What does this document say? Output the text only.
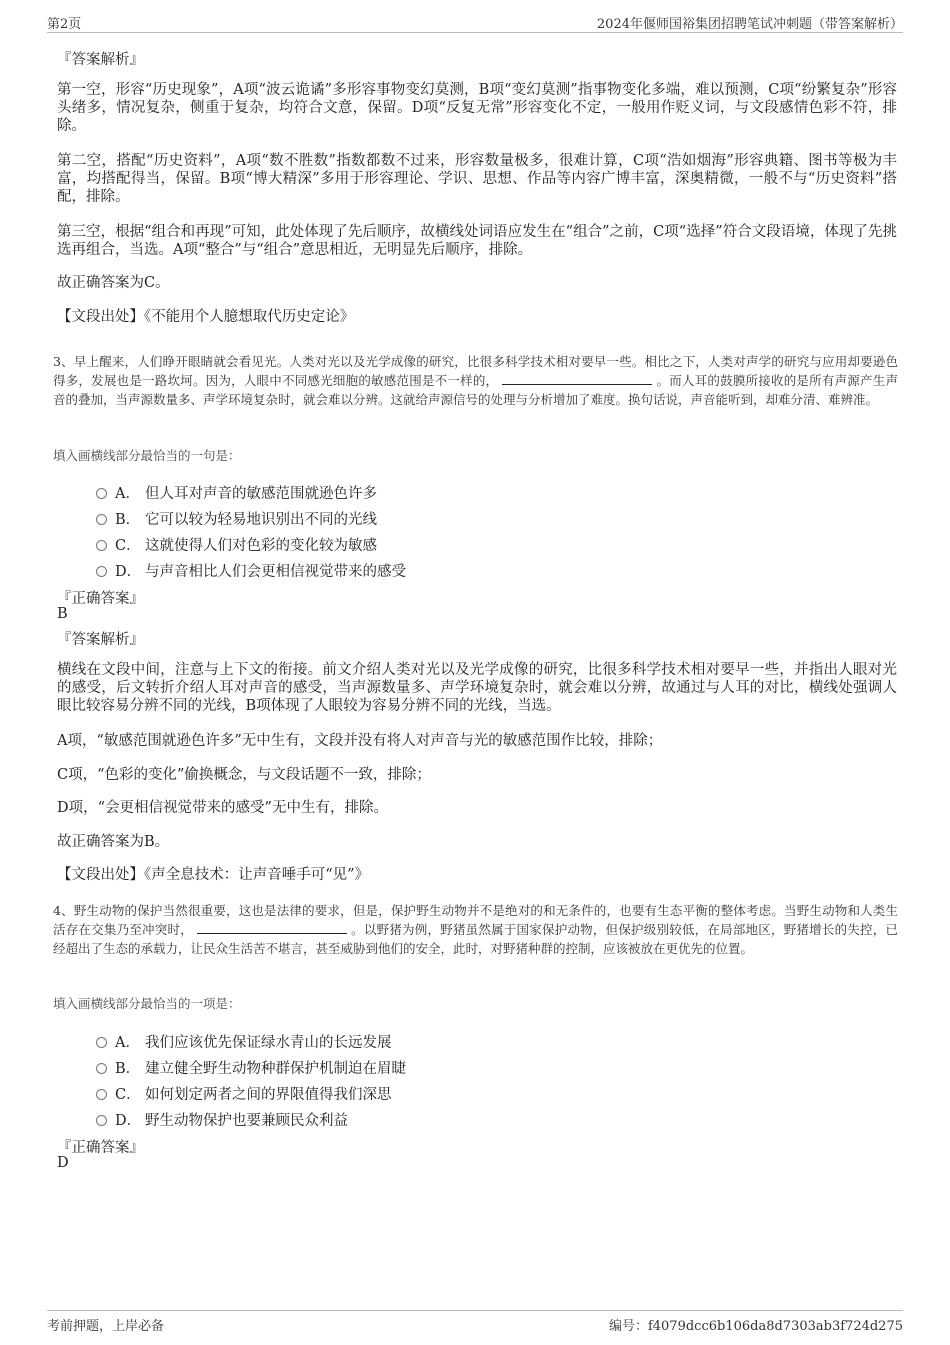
第2页	2024年偃师国裕集团招聘笔试冲刺题（带答案解析）
『答案解析』
第一空，形容“历史现象”，A项“波云诡谲”多形容事物变幻莫测，B项“变幻莫测”指事物变化多端，难以预测，C项“纷繁复杂”形容头绪多，情况复杂，侧重于复杂，均符合文意，保留。D项“反复无常”形容变化不定，一般用作贬义词，与文段感情色彩不符，排除。
第二空，搭配“历史资料”，A项“数不胜数”指数都数不过来，形容数量极多，很难计算，C项“浩如烟海”形容典籍、图书等极为丰富，均搭配得当，保留。B项“博大精深”多用于形容理论、学识、思想、作品等内容广博丰富，深奥精微，一般不与“历史资料”搭配，排除。
第三空，根据“组合和再现”可知，此处体现了先后顺序，故横线处词语应发生在“组合”之前，C项“选择”符合文段语境，体现了先挑选再组合，当选。A项“整合”与“组合”意思相近，无明显先后顺序，排除。
故正确答案为C。
【文段出处】《不能用个人臆想取代历史定论》
3、早上醒来，人们睁开眼睛就会看见光。人类对光以及光学成像的研究，比很多科学技术相对要早一些。相比之下，人类对声学的研究与应用却要逊色得多，发展也是一路坎坷。因为，人眼中不同感光细胞的敏感范围是不一样的，	。而人耳的鼓膜所接收的是所有声源产生声音的叠加，当声源数量多、声学环境复杂时，就会难以分辨。这就给声源信号的处理与分析增加了难度。换句话说，声音能听到，却难分清、难辨准。
填入画横线部分最恰当的一句是：
A． 但人耳对声音的敏感范围就逊色许多
B． 它可以较为轻易地识别出不同的光线
C． 这就使得人们对色彩的变化较为敏感
D． 与声音相比人们会更相信视觉带来的感受
『正确答案』
B
『答案解析』
横线在文段中间，注意与上下文的衔接。前文介绍人类对光以及光学成像的研究，比很多科学技术相对要早一些，并指出人眼对光的感受，后文转折介绍人耳对声音的感受，当声源数量多、声学环境复杂时，就会难以分辨，故通过与人耳的对比，横线处强调人眼比较容易分辨不同的光线，B项体现了人眼较为容易分辨不同的光线，当选。
A项，“敏感范围就逊色许多”无中生有，文段并没有将人对声音与光的敏感范围作比较，排除；
C项，“色彩的变化”偷换概念，与文段话题不一致，排除；
D项，“会更相信视觉带来的感受”无中生有，排除。
故正确答案为B。
【文段出处】《声全息技术：让声音唾手可“见”》
4、野生动物的保护当然很重要，这也是法律的要求，但是，保护野生动物并不是绝对的和无条件的，也要有生态平衡的整体考虑。当野生动物和人类生活存在交集乃至冲突时，	。以野猪为例，野猪虽然属于国家保护动物，但保护级别较低，在局部地区，野猪增长的失控，已经超出了生态的承载力，让民众生活苦不堪言，甚至威胁到他们的安全，此时，对野猪种群的控制，应该被放在更优先的位置。
填入画横线部分最恰当的一项是：
A． 我们应该优先保证绿水青山的长远发展
B． 建立健全野生动物种群保护机制迫在眉睫
C． 如何划定两者之间的界限值得我们深思
D． 野生动物保护也要兼顾民众利益
『正确答案』
D
考前押题，上岸必备	编号：f4079dcc6b106da8d7303ab3f724d275
